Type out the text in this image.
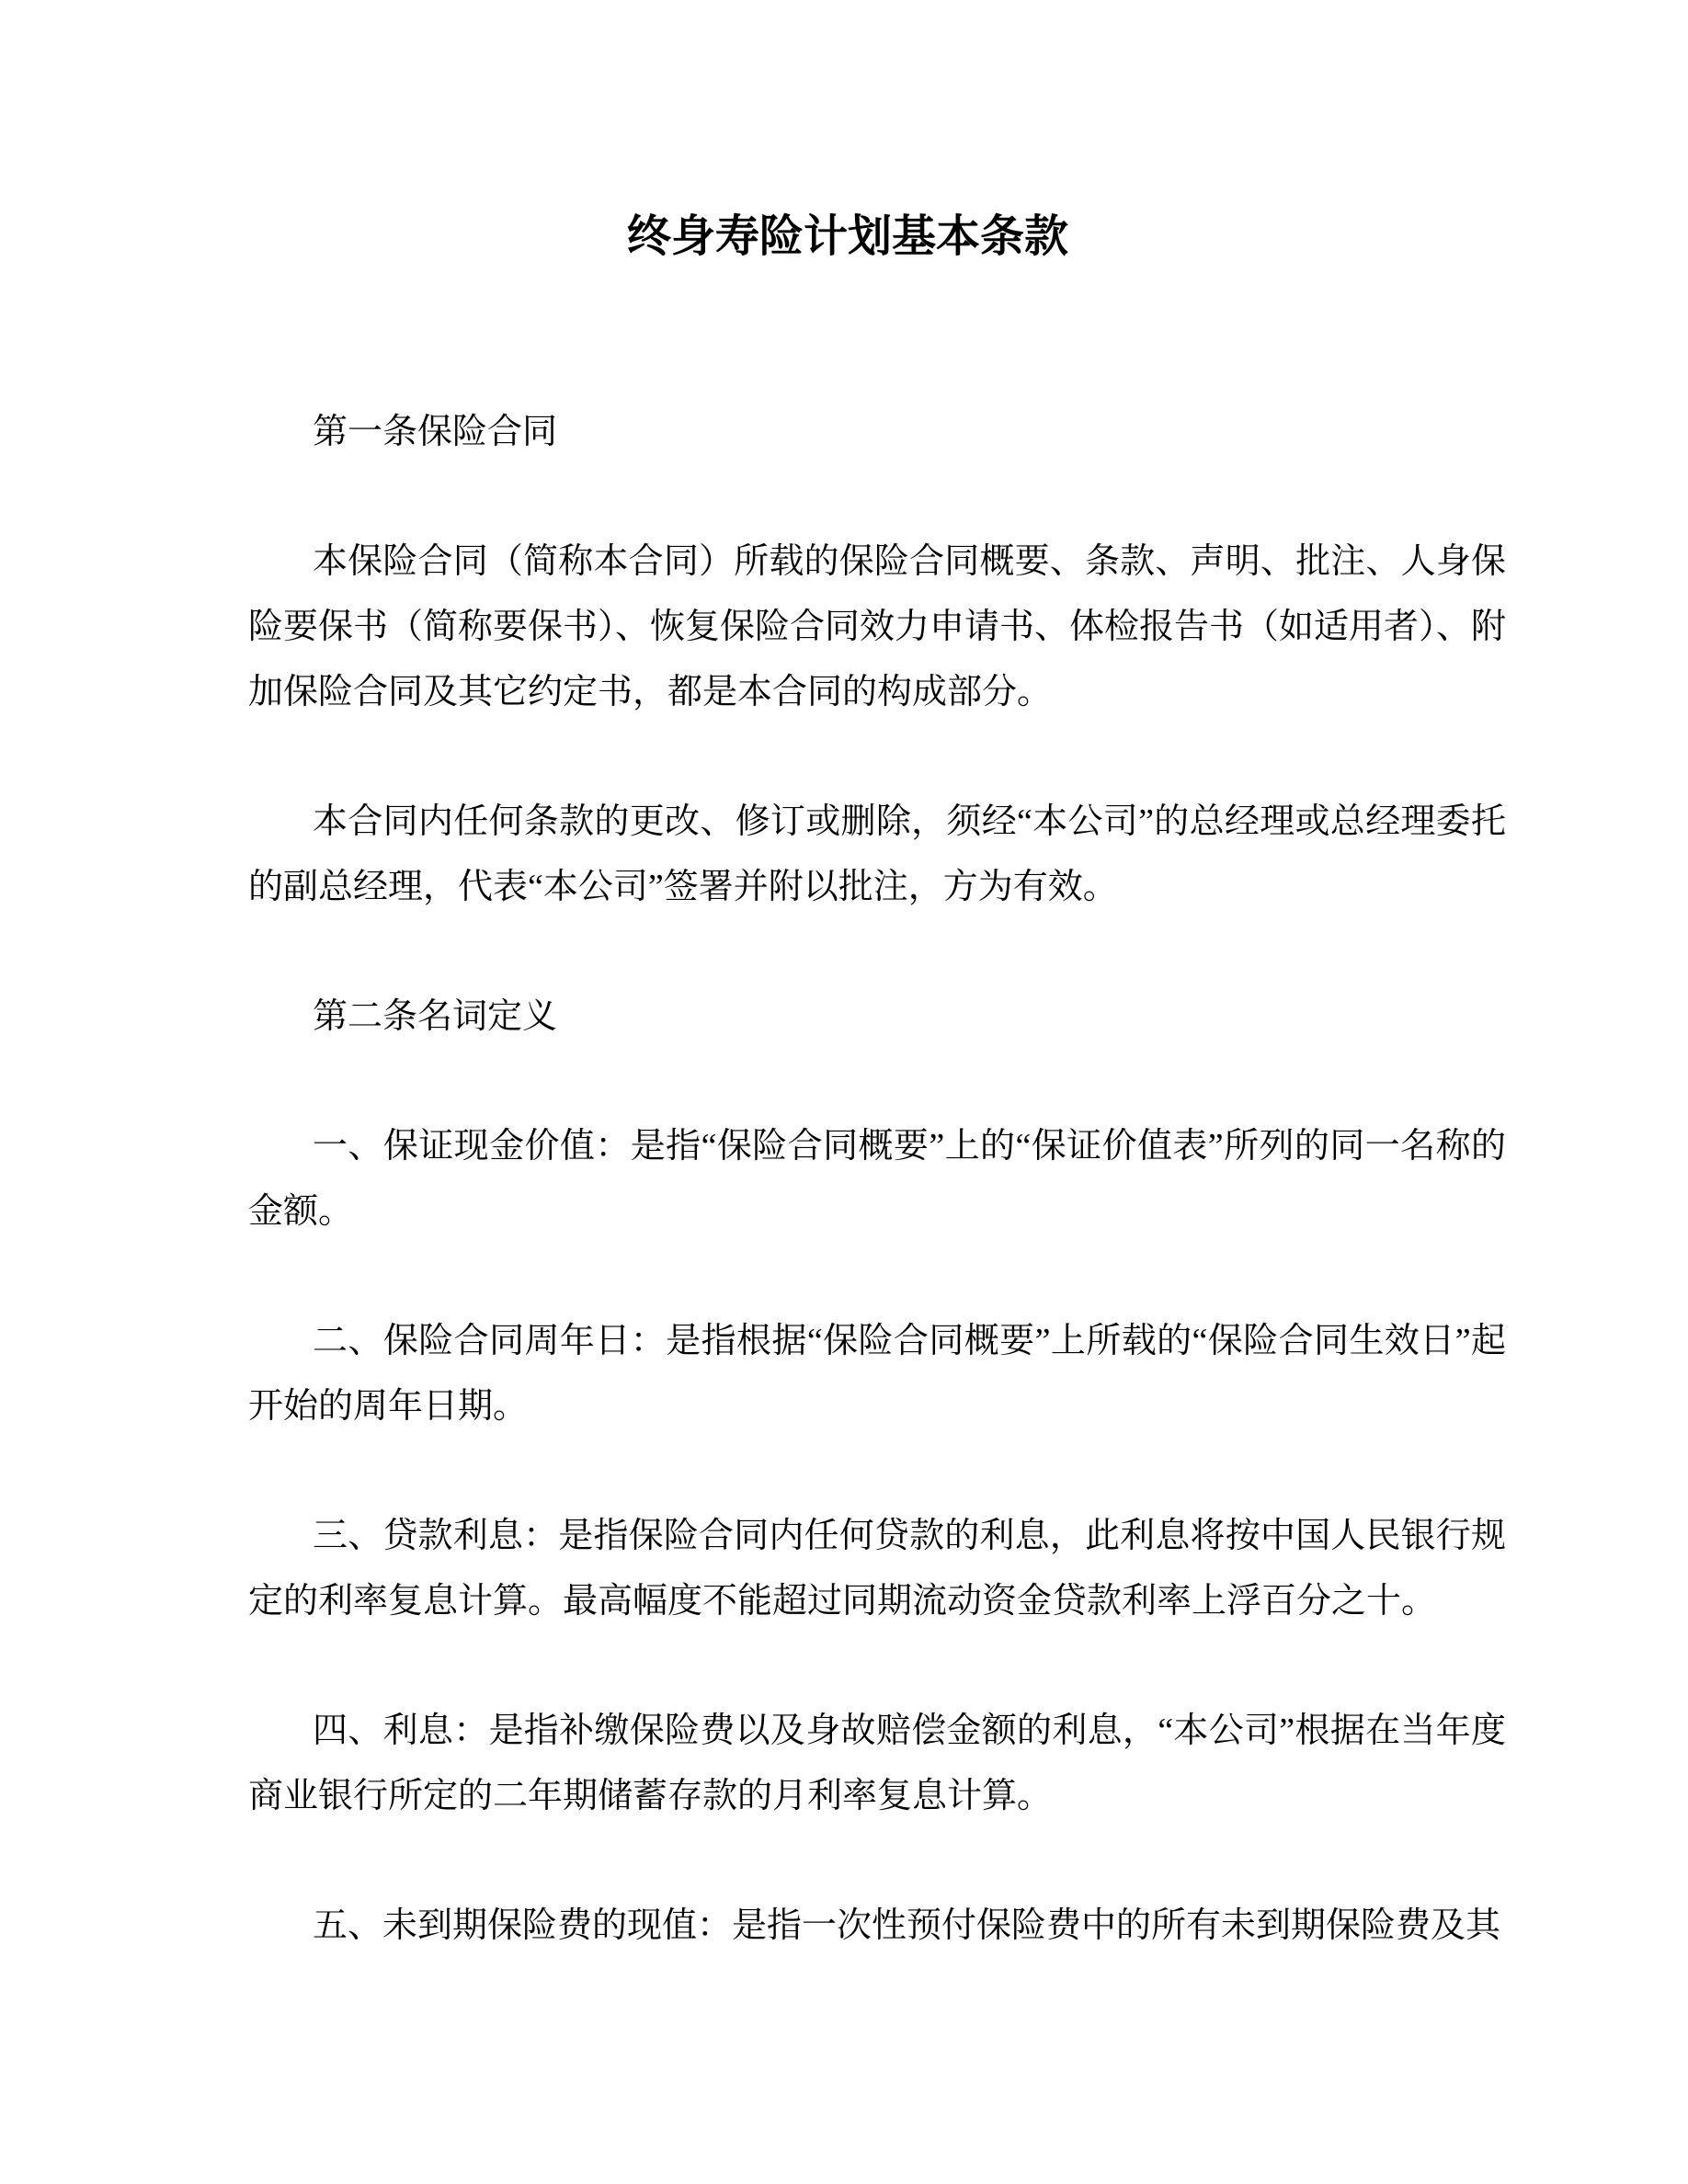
终身寿险计划基本条款

第一条保险合同

本保险合同（简称本合同）所载的保险合同概要、条款、声明、批注、人身保险要保书（简称要保书）、恢复保险合同效力申请书、体检报告书（如适用者）、附加保险合同及其它约定书，都是本合同的构成部分。

本合同内任何条款的更改、修订或删除，须经“本公司”的总经理或总经理委托的副总经理，代表“本公司”签署并附以批注，方为有效。

第二条名词定义

一、保证现金价值：是指“保险合同概要”上的“保证价值表”所列的同一名称的金额。

二、保险合同周年日：是指根据“保险合同概要”上所载的“保险合同生效日”起开始的周年日期。

三、贷款利息：是指保险合同内任何贷款的利息，此利息将按中国人民银行规定的利率复息计算。最高幅度不能超过同期流动资金贷款利率上浮百分之十。

四、利息：是指补缴保险费以及身故赔偿金额的利息，“本公司”根据在当年度商业银行所定的二年期储蓄存款的月利率复息计算。

五、未到期保险费的现值：是指一次性预付保险费中的所有未到期保险费及其
